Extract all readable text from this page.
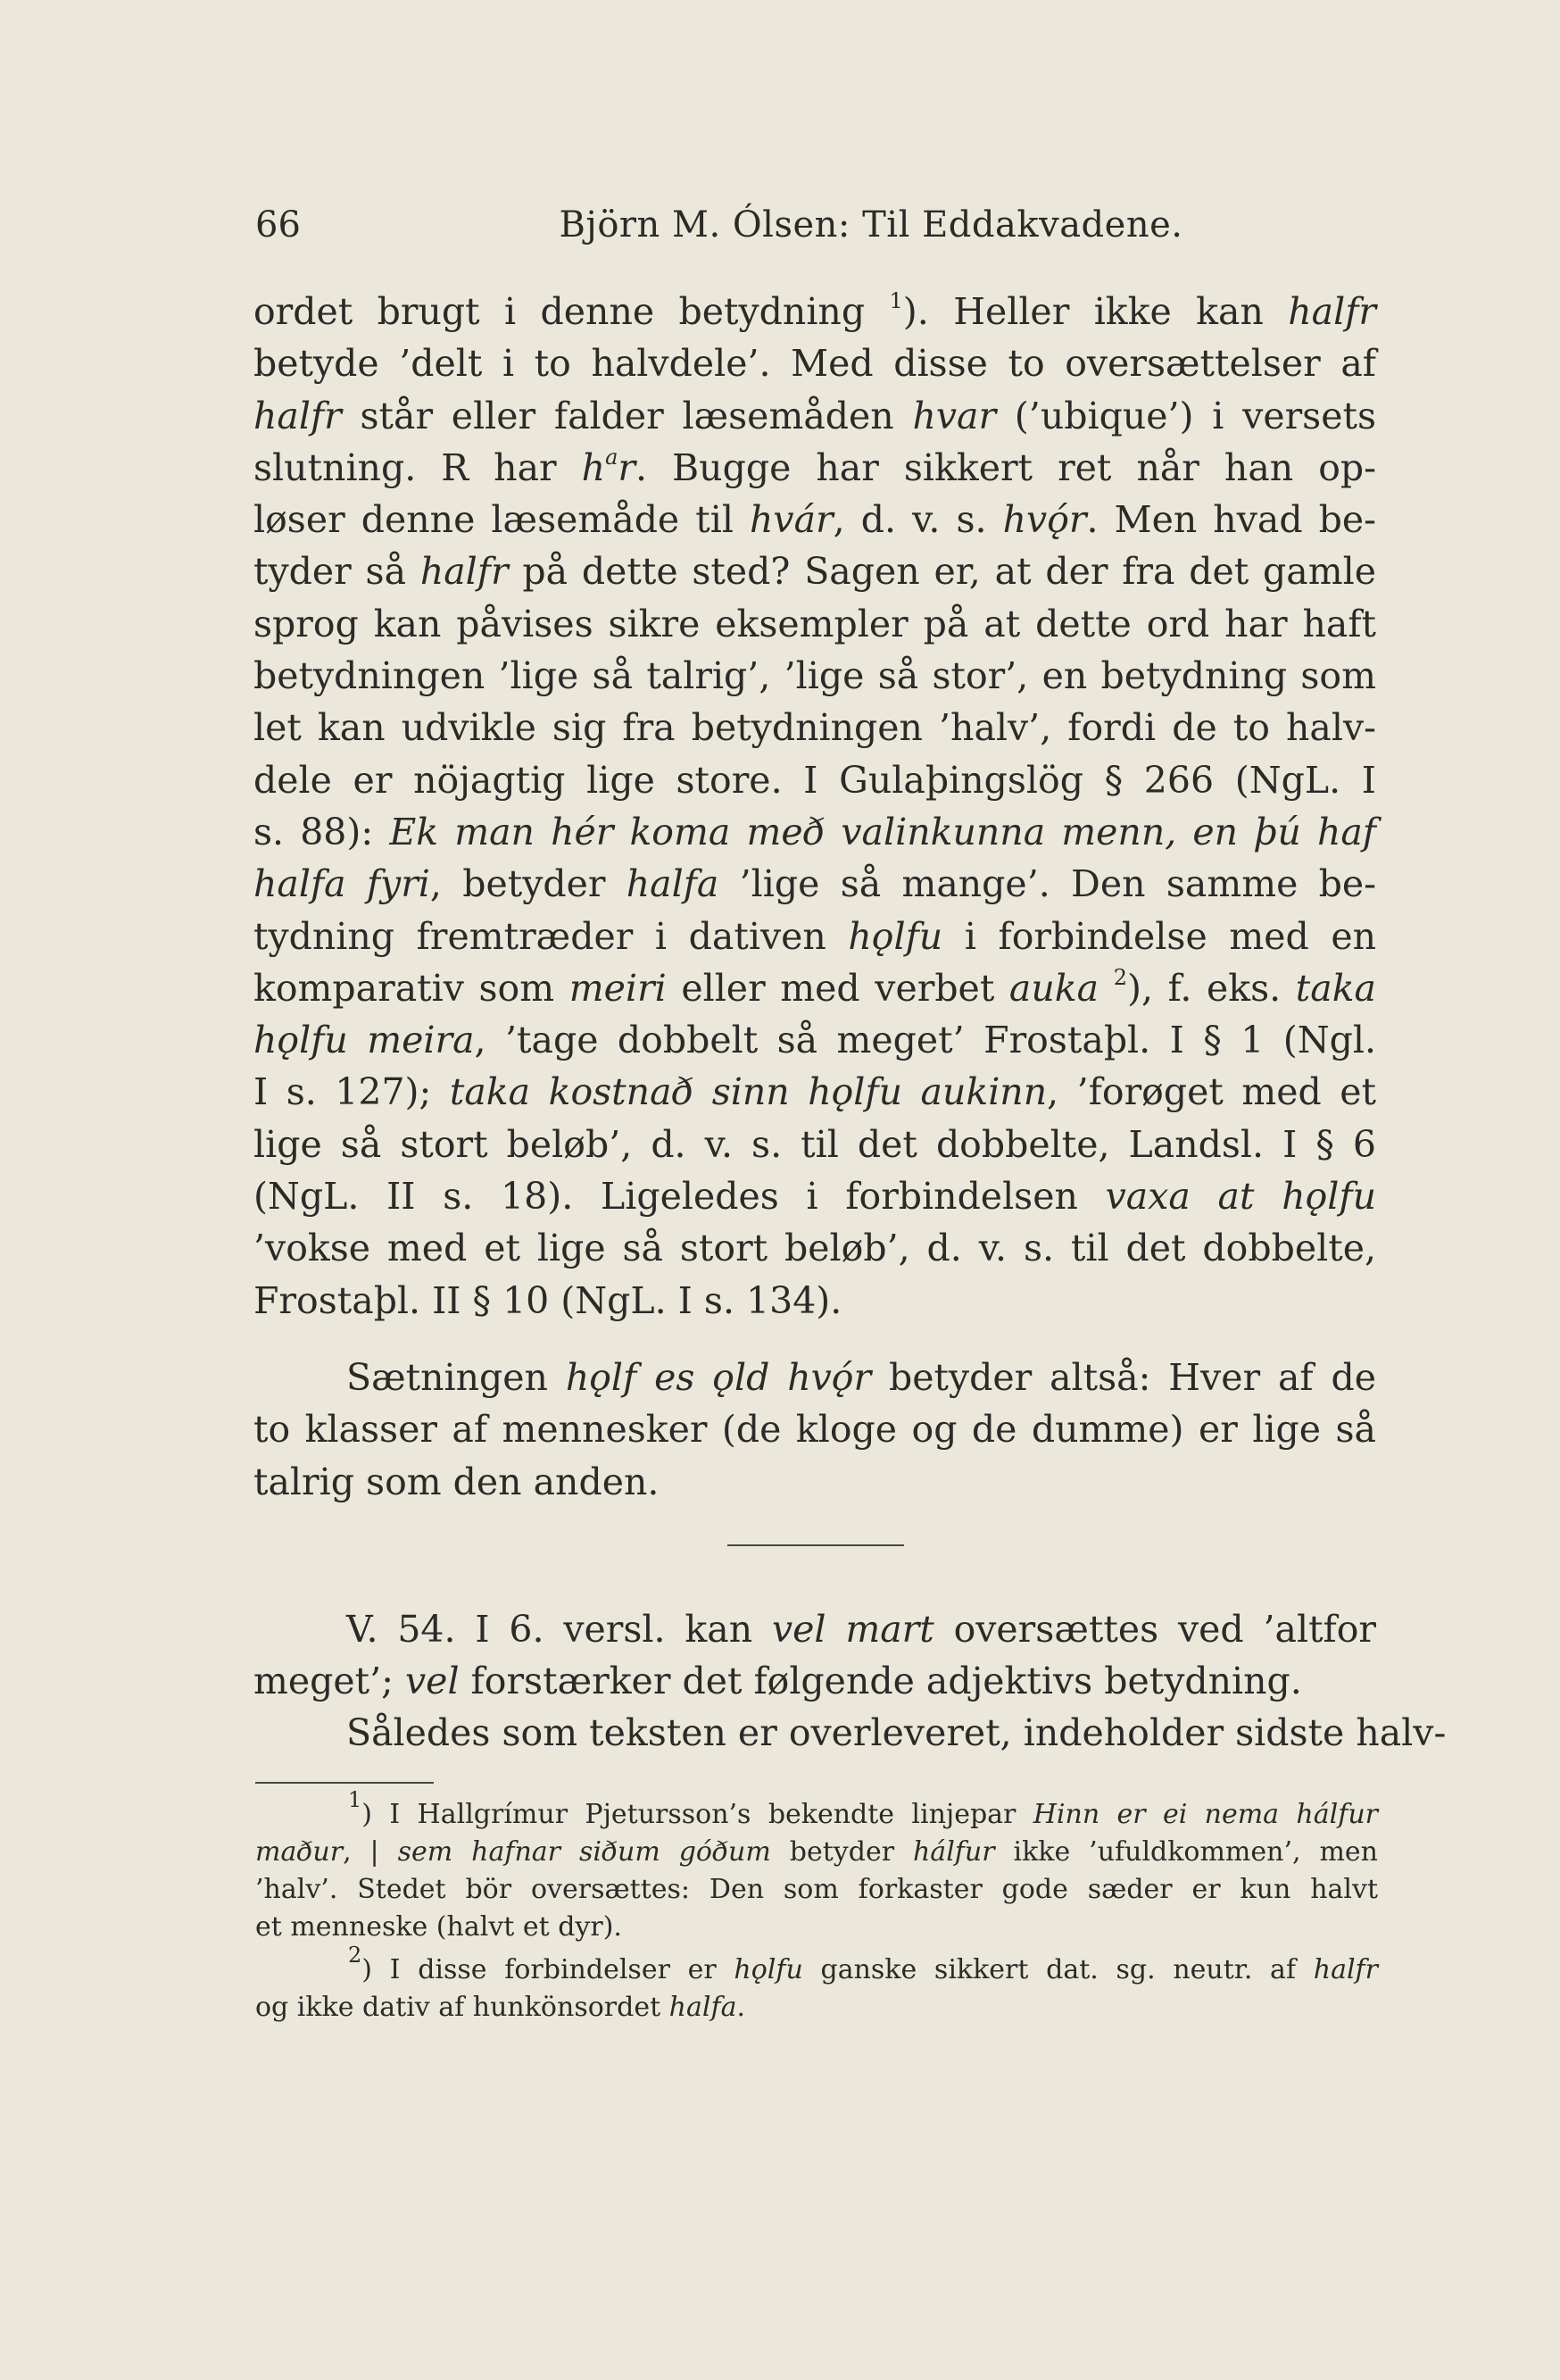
66	Björn M. Ólsen: Til Eddakvadene.
ordet brugt i denne betydning $^1$). Heller ikke kan halfr
betyde ’delt i to halvdele’. Med disse to oversættelser af
halfr står eller falder læsemåden hvar (’ubique’) i versets
slutning. R har $h^ar$. Bugge har sikkert ret når han op-
løser denne læsemåde til hvár, d. v. s. hvǫ́r. Men hvad be-
tyder så halfr på dette sted? Sagen er, at der fra det gamle
sprog kan påvises sikre eksempler på at dette ord har haft
betydningen ’lige så talrig’, ’lige så stor’, en betydning som
let kan udvikle sig fra betydningen ’halv’, fordi de to halv-
dele er nöjagtig lige store. I Gulaþingslög § 266 (NgL. I
s. 88): Ek man hér koma með valinkunna menn, en þú haf
halfa fyri, betyder halfa ’lige så mange’. Den samme be-
tydning fremtræder i dativen hǫlfu i forbindelse med en
komparativ som meiri eller med verbet auka $^2$), f. eks. taka
hǫlfu meira, ’tage dobbelt så meget’ Frostaþl. I § 1 (Ngl.
I s. 127); taka kostnað sinn hǫlfu aukinn, ’forøget med et
lige så stort beløb’, d. v. s. til det dobbelte, Landsl. I § 6
(NgL. II s. 18). Ligeledes i forbindelsen vaxa at hǫlfu
’vokse med et lige så stort beløb’, d. v. s. til det dobbelte,
Frostaþl. II § 10 (NgL. I s. 134).
Sætningen hǫlf es ǫld hvǫ́r betyder altså: Hver af de
to klasser af mennesker (de kloge og de dumme) er lige så
talrig som den anden.
V. 54. I 6. versl. kan vel mart oversættes ved ’altfor
meget’; vel forstærker det følgende adjektivs betydning.
Således som teksten er overleveret, indeholder sidste halv-
$^1$) I Hallgrímur Pjetursson’s bekendte linjepar Hinn er ei nema hálfur
maður, | sem hafnar siðum góðum betyder hálfur ikke ’ufuldkommen’, men
’halv’. Stedet bör oversættes: Den som forkaster gode sæder er kun halvt
et menneske (halvt et dyr).
$^2$) I disse forbindelser er hǫlfu ganske sikkert dat. sg. neutr. af halfr
og ikke dativ af hunkönsordet halfa.
